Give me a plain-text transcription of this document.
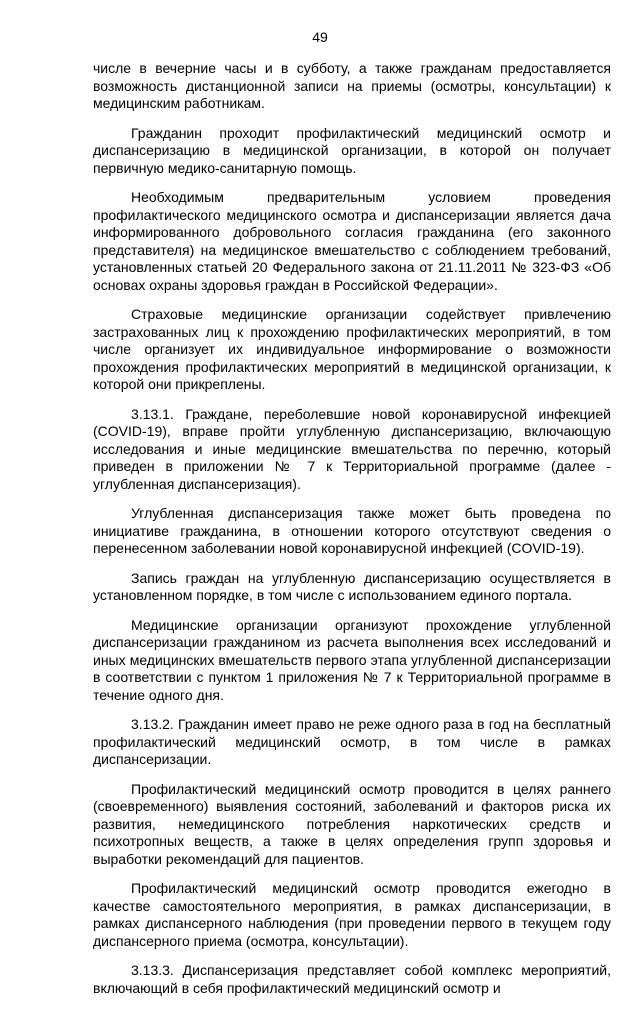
49

числе в вечерние часы и в субботу, а также гражданам предоставляется возможность дистанционной записи на приемы (осмотры, консультации) к медицинским работникам.

Гражданин проходит профилактический медицинский осмотр и диспансеризацию в медицинской организации, в которой он получает первичную медико-санитарную помощь.

Необходимым предварительным условием проведения профилактического медицинского осмотра и диспансеризации является дача информированного добровольного согласия гражданина (его законного представителя) на медицинское вмешательство с соблюдением требований, установленных статьей 20 Федерального закона от 21.11.2011 № 323-ФЗ «Об основах охраны здоровья граждан в Российской Федерации».

Страховые медицинские организации содействует привлечению застрахованных лиц к прохождению профилактических мероприятий, в том числе организует их индивидуальное информирование о возможности прохождения профилактических мероприятий в медицинской организации, к которой они прикреплены.

3.13.1. Граждане, переболевшие новой коронавирусной инфекцией (COVID-19), вправе пройти углубленную диспансеризацию, включающую исследования и иные медицинские вмешательства по перечню, который приведен в приложении № 7 к Территориальной программе (далее - углубленная диспансеризация).

Углубленная диспансеризация также может быть проведена по инициативе гражданина, в отношении которого отсутствуют сведения о перенесенном заболевании новой коронавирусной инфекцией (COVID-19).

Запись граждан на углубленную диспансеризацию осуществляется в установленном порядке, в том числе с использованием единого портала.

Медицинские организации организуют прохождение углубленной диспансеризации гражданином из расчета выполнения всех исследований и иных медицинских вмешательств первого этапа углубленной диспансеризации в соответствии с пунктом 1 приложения № 7 к Территориальной программе в течение одного дня.

3.13.2. Гражданин имеет право не реже одного раза в год на бесплатный профилактический медицинский осмотр, в том числе в рамках диспансеризации.

Профилактический медицинский осмотр проводится в целях раннего (своевременного) выявления состояний, заболеваний и факторов риска их развития, немедицинского потребления наркотических средств и психотропных веществ, а также в целях определения групп здоровья и выработки рекомендаций для пациентов.

Профилактический медицинский осмотр проводится ежегодно в качестве самостоятельного мероприятия, в рамках диспансеризации, в рамках диспансерного наблюдения (при проведении первого в текущем году диспансерного приема (осмотра, консультации).

3.13.3. Диспансеризация представляет собой комплекс мероприятий, включающий в себя профилактический медицинский осмотр и
